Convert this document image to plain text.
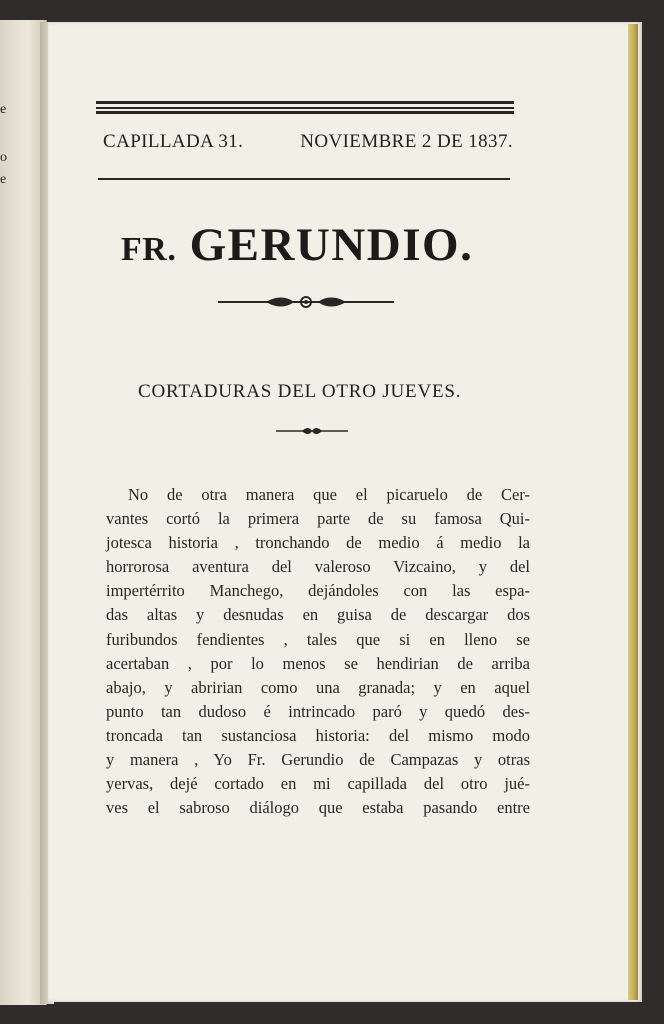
e
o
e
CAPILLADA 31.	NOVIEMBRE 2 DE 1837.
FR. GERUNDIO.
CORTADURAS DEL OTRO JUEVES.
No de otra manera que el picaruelo de Cer-
vantes cortó la primera parte de su famosa Qui-
jotesca historia , tronchando de medio á medio la
horrorosa aventura del valeroso Vizcaino, y del
impertérrito Manchego, dejándoles con las espa-
das altas y desnudas en guisa de descargar dos
furibundos fendientes , tales que si en lleno se
acertaban , por lo menos se hendirian de arriba
abajo, y abririan como una granada; y en aquel
punto tan dudoso é intrincado paró y quedó des-
troncada tan sustanciosa historia: del mismo modo
y manera , Yo Fr. Gerundio de Campazas y otras
yervas, dejé cortado en mi capillada del otro jué-
ves el sabroso diálogo que estaba pasando entre
